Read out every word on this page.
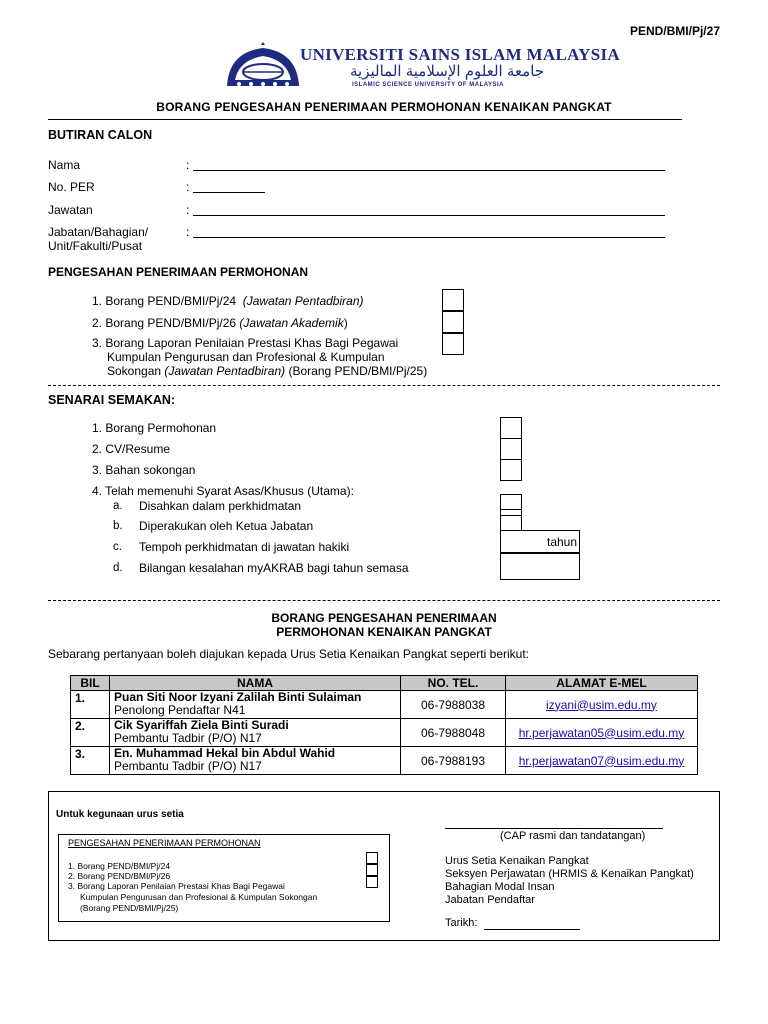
PEND/BMI/Pj/27
UNIVERSITI SAINS ISLAM MALAYSIA
جامعة العلوم الإسلامية الماليزية
ISLAMIC SCIENCE UNIVERSITY OF MALAYSIA
BORANG PENGESAHAN PENERIMAAN PERMOHONAN KENAIKAN PANGKAT
BUTIRAN CALON
Nama	:
No. PER	:
Jawatan	:
Jabatan/Bahagian/
Unit/Fakulti/Pusat
:
PENGESAHAN PENERIMAAN PERMOHONAN
1. Borang PEND/BMI/Pj/24 (Jawatan Pentadbiran)
2. Borang PEND/BMI/Pj/26 (Jawatan Akademik)
3. Borang Laporan Penilaian Prestasi Khas Bagi Pegawai
Kumpulan Pengurusan dan Profesional & Kumpulan
Sokongan (Jawatan Pentadbiran) (Borang PEND/BMI/Pj/25)
SENARAI SEMAKAN:
1. Borang Permohonan
2. CV/Resume
3. Bahan sokongan
4. Telah memenuhi Syarat Asas/Khusus (Utama):
a. Disahkan dalam perkhidmatan
b. Diperakukan oleh Ketua Jabatan
c. Tempoh perkhidmatan di jawatan hakiki
d. Bilangan kesalahan myAKRAB bagi tahun semasa
tahun
BORANG PENGESAHAN PENERIMAAN
PERMOHONAN KENAIKAN PANGKAT
Sebarang pertanyaan boleh diajukan kepada Urus Setia Kenaikan Pangkat seperti berikut:
BIL	NAMA	NO. TEL.	ALAMAT E-MEL
1.	Puan Siti Noor Izyani Zalilah Binti Sulaiman
Penolong Pendaftar N41	06-7988038	izyani@usim.edu.my
2.	Cik Syariffah Ziela Binti Suradi
Pembantu Tadbir (P/O) N17	06-7988048	hr.perjawatan05@usim.edu.my
3.	En. Muhammad Hekal bin Abdul Wahid
Pembantu Tadbir (P/O) N17	06-7988193	hr.perjawatan07@usim.edu.my
Untuk kegunaan urus setia
PENGESAHAN PENERIMAAN PERMOHONAN
1. Borang PEND/BMI/Pj/24
2. Borang PEND/BMI/Pj/26
3. Borang Laporan Penilaian Prestasi Khas Bagi Pegawai
Kumpulan Pengurusan dan Profesional & Kumpulan Sokongan
(Borang PEND/BMI/Pj/25)
(CAP rasmi dan tandatangan)
Urus Setia Kenaikan Pangkat
Seksyen Perjawatan (HRMIS & Kenaikan Pangkat)
Bahagian Modal Insan
Jabatan Pendaftar
Tarikh:
